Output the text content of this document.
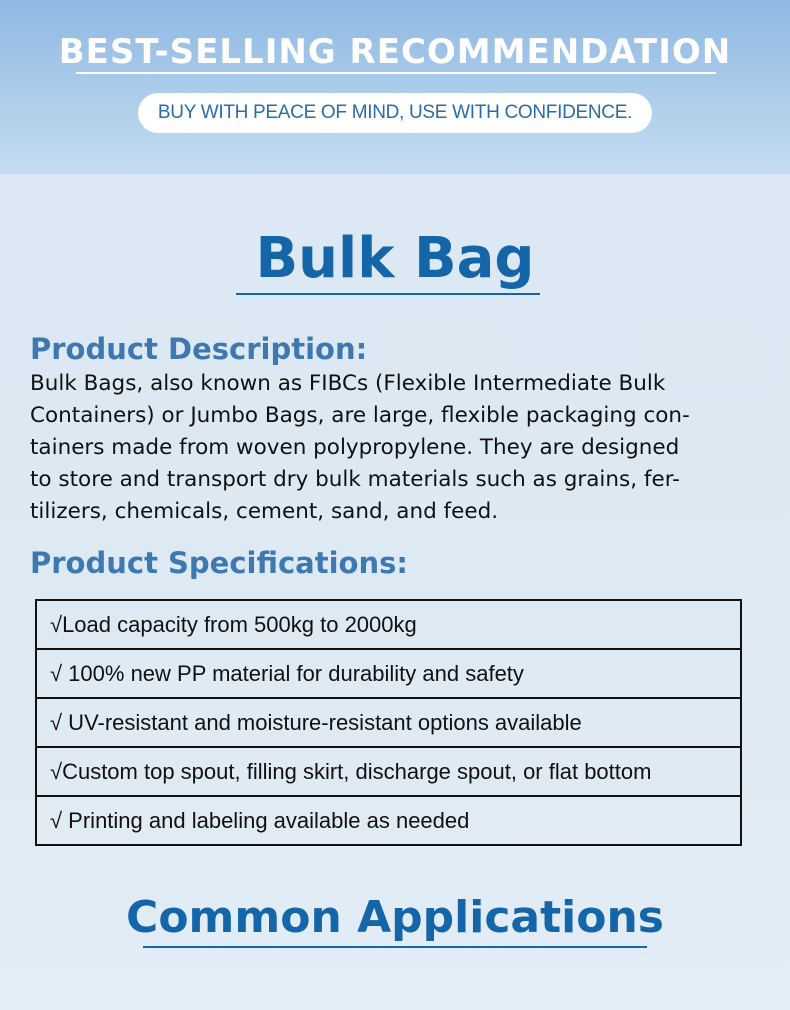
BEST-SELLING RECOMMENDATION
BUY WITH PEACE OF MIND, USE WITH CONFIDENCE.
Bulk Bag
Product Description:
Bulk Bags, also known as FIBCs (Flexible Intermediate Bulk
Containers) or Jumbo Bags, are large, flexible packaging con-
tainers made from woven polypropylene. They are designed
to store and transport dry bulk materials such as grains, fer-
tilizers, chemicals, cement, sand, and feed.
Product Specifications:
√Load capacity from 500kg to 2000kg
√ 100% new PP material for durability and safety
√ UV-resistant and moisture-resistant options available
√Custom top spout, filling skirt, discharge spout, or flat bottom
√ Printing and labeling available as needed
Common Applications
